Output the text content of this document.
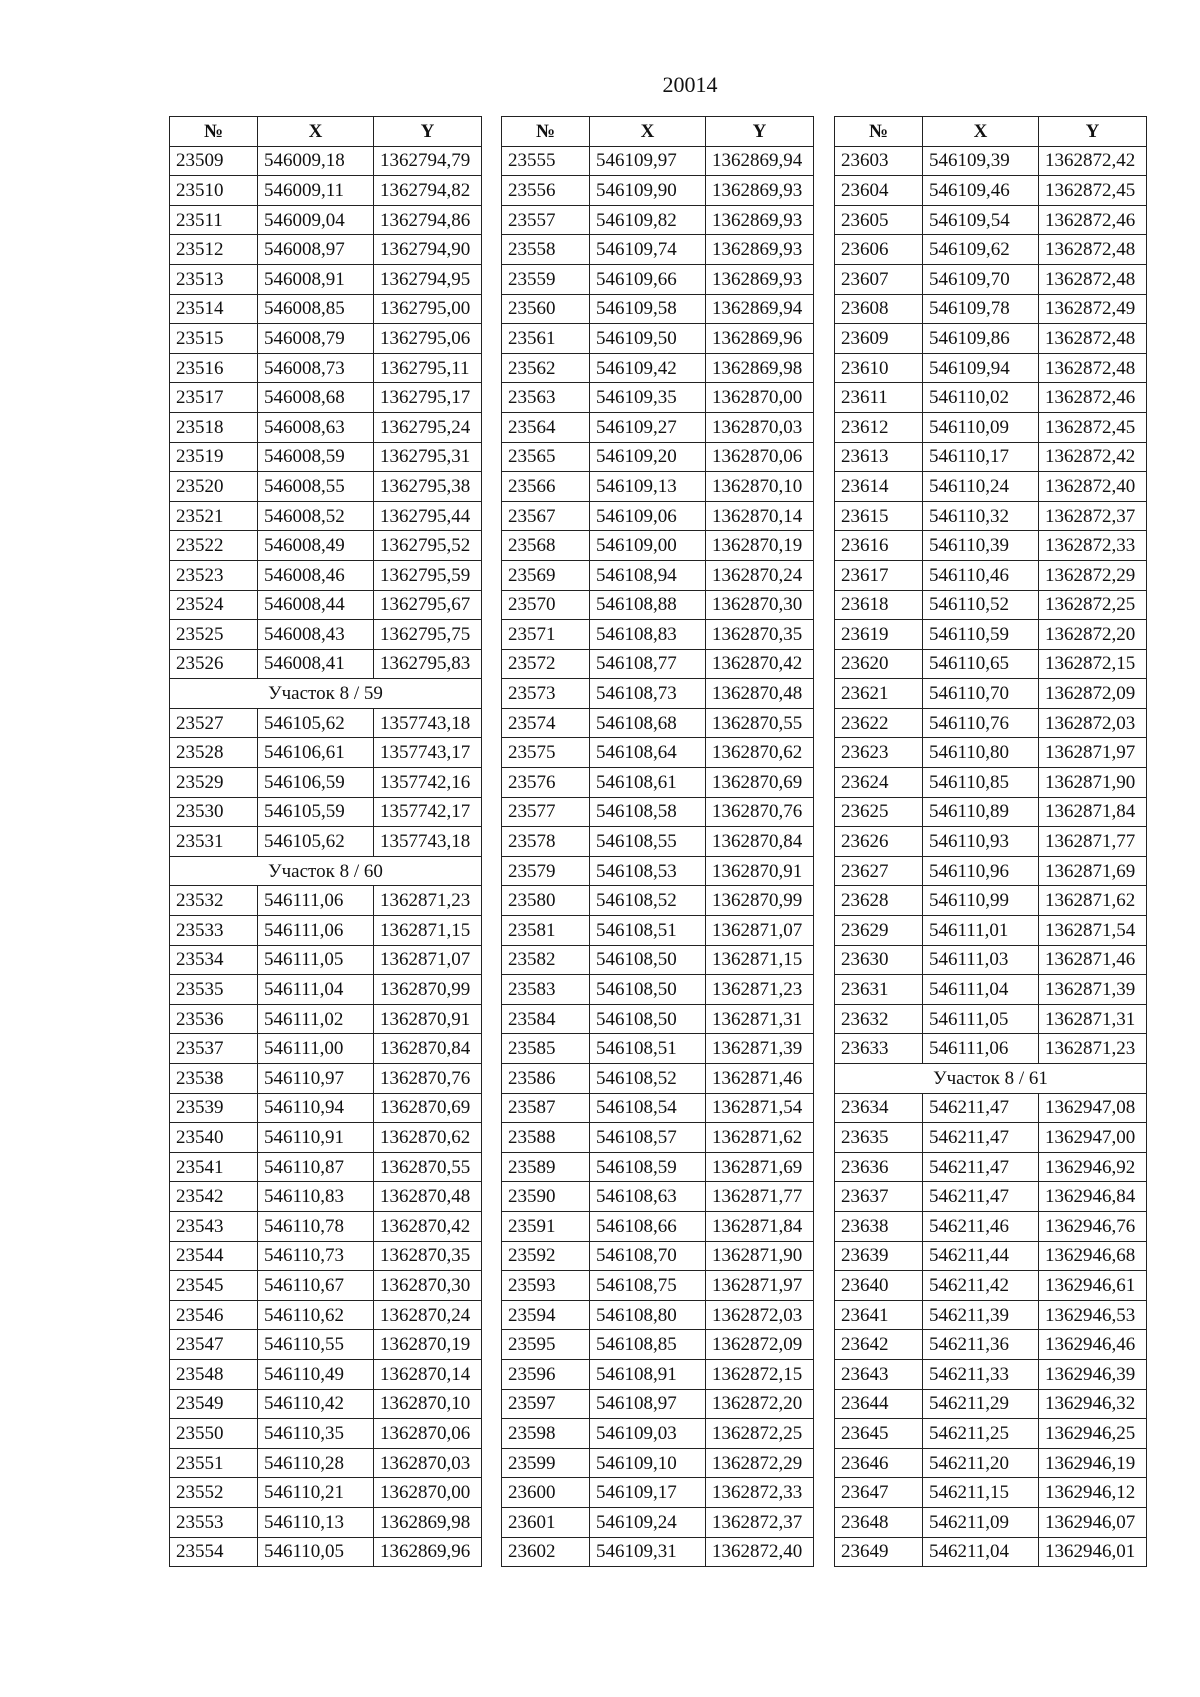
20014
№	X	Y
23509	546009,18	1362794,79
23510	546009,11	1362794,82
23511	546009,04	1362794,86
23512	546008,97	1362794,90
23513	546008,91	1362794,95
23514	546008,85	1362795,00
23515	546008,79	1362795,06
23516	546008,73	1362795,11
23517	546008,68	1362795,17
23518	546008,63	1362795,24
23519	546008,59	1362795,31
23520	546008,55	1362795,38
23521	546008,52	1362795,44
23522	546008,49	1362795,52
23523	546008,46	1362795,59
23524	546008,44	1362795,67
23525	546008,43	1362795,75
23526	546008,41	1362795,83
Участок 8 / 59		
23527	546105,62	1357743,18
23528	546106,61	1357743,17
23529	546106,59	1357742,16
23530	546105,59	1357742,17
23531	546105,62	1357743,18
Участок 8 / 60		
23532	546111,06	1362871,23
23533	546111,06	1362871,15
23534	546111,05	1362871,07
23535	546111,04	1362870,99
23536	546111,02	1362870,91
23537	546111,00	1362870,84
23538	546110,97	1362870,76
23539	546110,94	1362870,69
23540	546110,91	1362870,62
23541	546110,87	1362870,55
23542	546110,83	1362870,48
23543	546110,78	1362870,42
23544	546110,73	1362870,35
23545	546110,67	1362870,30
23546	546110,62	1362870,24
23547	546110,55	1362870,19
23548	546110,49	1362870,14
23549	546110,42	1362870,10
23550	546110,35	1362870,06
23551	546110,28	1362870,03
23552	546110,21	1362870,00
23553	546110,13	1362869,98
23554	546110,05	1362869,96
№	X	Y
23555	546109,97	1362869,94
23556	546109,90	1362869,93
23557	546109,82	1362869,93
23558	546109,74	1362869,93
23559	546109,66	1362869,93
23560	546109,58	1362869,94
23561	546109,50	1362869,96
23562	546109,42	1362869,98
23563	546109,35	1362870,00
23564	546109,27	1362870,03
23565	546109,20	1362870,06
23566	546109,13	1362870,10
23567	546109,06	1362870,14
23568	546109,00	1362870,19
23569	546108,94	1362870,24
23570	546108,88	1362870,30
23571	546108,83	1362870,35
23572	546108,77	1362870,42
23573	546108,73	1362870,48
23574	546108,68	1362870,55
23575	546108,64	1362870,62
23576	546108,61	1362870,69
23577	546108,58	1362870,76
23578	546108,55	1362870,84
23579	546108,53	1362870,91
23580	546108,52	1362870,99
23581	546108,51	1362871,07
23582	546108,50	1362871,15
23583	546108,50	1362871,23
23584	546108,50	1362871,31
23585	546108,51	1362871,39
23586	546108,52	1362871,46
23587	546108,54	1362871,54
23588	546108,57	1362871,62
23589	546108,59	1362871,69
23590	546108,63	1362871,77
23591	546108,66	1362871,84
23592	546108,70	1362871,90
23593	546108,75	1362871,97
23594	546108,80	1362872,03
23595	546108,85	1362872,09
23596	546108,91	1362872,15
23597	546108,97	1362872,20
23598	546109,03	1362872,25
23599	546109,10	1362872,29
23600	546109,17	1362872,33
23601	546109,24	1362872,37
23602	546109,31	1362872,40
№	X	Y
23603	546109,39	1362872,42
23604	546109,46	1362872,45
23605	546109,54	1362872,46
23606	546109,62	1362872,48
23607	546109,70	1362872,48
23608	546109,78	1362872,49
23609	546109,86	1362872,48
23610	546109,94	1362872,48
23611	546110,02	1362872,46
23612	546110,09	1362872,45
23613	546110,17	1362872,42
23614	546110,24	1362872,40
23615	546110,32	1362872,37
23616	546110,39	1362872,33
23617	546110,46	1362872,29
23618	546110,52	1362872,25
23619	546110,59	1362872,20
23620	546110,65	1362872,15
23621	546110,70	1362872,09
23622	546110,76	1362872,03
23623	546110,80	1362871,97
23624	546110,85	1362871,90
23625	546110,89	1362871,84
23626	546110,93	1362871,77
23627	546110,96	1362871,69
23628	546110,99	1362871,62
23629	546111,01	1362871,54
23630	546111,03	1362871,46
23631	546111,04	1362871,39
23632	546111,05	1362871,31
23633	546111,06	1362871,23
Участок 8 / 61		
23634	546211,47	1362947,08
23635	546211,47	1362947,00
23636	546211,47	1362946,92
23637	546211,47	1362946,84
23638	546211,46	1362946,76
23639	546211,44	1362946,68
23640	546211,42	1362946,61
23641	546211,39	1362946,53
23642	546211,36	1362946,46
23643	546211,33	1362946,39
23644	546211,29	1362946,32
23645	546211,25	1362946,25
23646	546211,20	1362946,19
23647	546211,15	1362946,12
23648	546211,09	1362946,07
23649	546211,04	1362946,01
